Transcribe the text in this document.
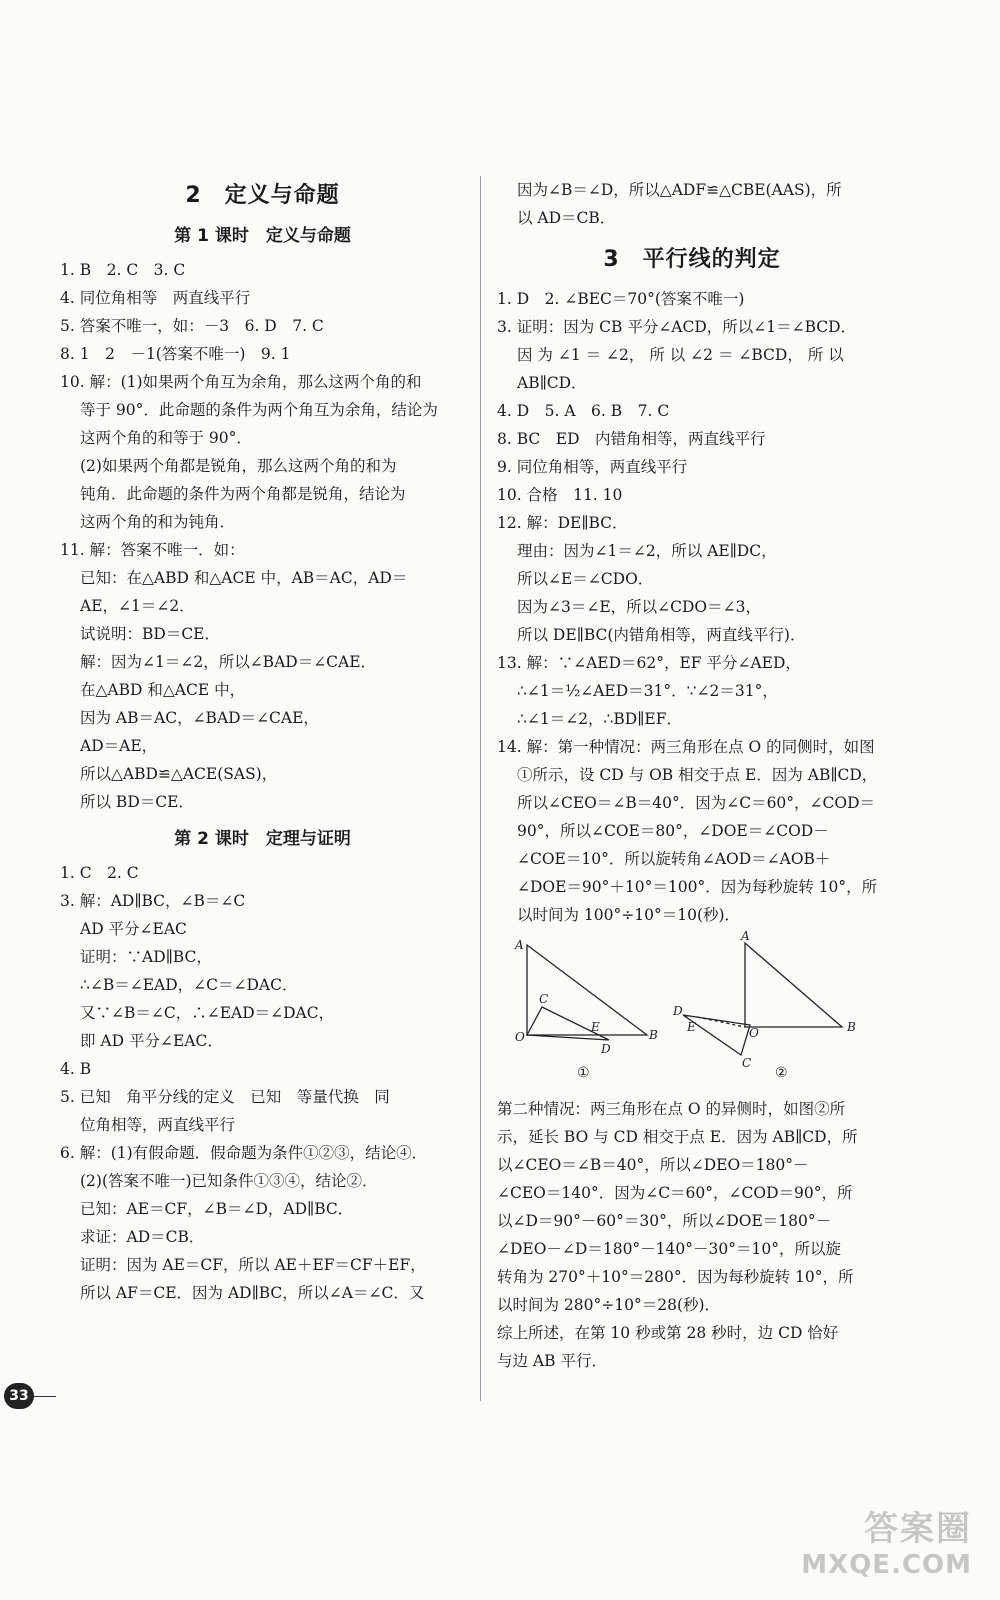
2　定义与命题
第 1 课时　定义与命题
1. B　2. C　3. C
4. 同位角相等　两直线平行
5. 答案不唯一，如：－3　6. D　7. C
8. 1　2　－1(答案不唯一)　9. 1
10. 解：(1)如果两个角互为余角，那么这两个角的和
等于 90°．此命题的条件为两个角互为余角，结论为
这两个角的和等于 90°．
(2)如果两个角都是锐角，那么这两个角的和为
钝角．此命题的条件为两个角都是锐角，结论为
这两个角的和为钝角．
11. 解：答案不唯一．如：
已知：在△ABD 和△ACE 中，AB＝AC，AD＝
AE，∠1＝∠2．
试说明：BD＝CE．
解：因为∠1＝∠2，所以∠BAD＝∠CAE．
在△ABD 和△ACE 中，
因为 AB＝AC，∠BAD＝∠CAE，
AD＝AE，
所以△ABD≌△ACE(SAS)，
所以 BD＝CE．
第 2 课时　定理与证明
1. C　2. C
3. 解：AD∥BC，∠B＝∠C
AD 平分∠EAC
证明：∵AD∥BC，
∴∠B＝∠EAD，∠C＝∠DAC．
又∵∠B＝∠C，∴∠EAD＝∠DAC，
即 AD 平分∠EAC．
4. B
5. 已知　角平分线的定义　已知　等量代换　同
位角相等，两直线平行
6. 解：(1)有假命题．假命题为条件①②③，结论④．
(2)(答案不唯一)已知条件①③④，结论②．
已知：AE＝CF，∠B＝∠D，AD∥BC．
求证：AD＝CB．
证明：因为 AE＝CF，所以 AE＋EF＝CF＋EF，
所以 AF＝CE．因为 AD∥BC，所以∠A＝∠C．又
因为∠B＝∠D，所以△ADF≌△CBE(AAS)，所
以 AD＝CB．
3　平行线的判定
1. D　2. ∠BEC＝70°(答案不唯一)
3. 证明：因为 CB 平分∠ACD，所以∠1＝∠BCD．
因 为 ∠1 ＝ ∠2， 所 以 ∠2 ＝ ∠BCD， 所 以
AB∥CD．
4. D　5. A　6. B　7. C
8. BC　ED　内错角相等，两直线平行
9. 同位角相等，两直线平行
10. 合格　11. 10
12. 解：DE∥BC．
理由：因为∠1＝∠2，所以 AE∥DC，
所以∠E＝∠CDO．
因为∠3＝∠E，所以∠CDO＝∠3，
所以 DE∥BC(内错角相等，两直线平行)．
13. 解：∵∠AED＝62°，EF 平分∠AED，
∴∠1＝½∠AED＝31°．∵∠2＝31°，
∴∠1＝∠2，∴BD∥EF．
14. 解：第一种情况：两三角形在点 O 的同侧时，如图
①所示，设 CD 与 OB 相交于点 E．因为 AB∥CD，
所以∠CEO＝∠B＝40°．因为∠C＝60°，∠COD＝
90°，所以∠COE＝80°，∠DOE＝∠COD－
∠COE＝10°．所以旋转角∠AOD＝∠AOB＋
∠DOE＝90°＋10°＝100°．因为每秒旋转 10°，所
以时间为 100°÷10°＝10(秒)．
A
C
E
O
D
B
①
A
D
E	O
C
B
②
第二种情况：两三角形在点 O 的异侧时，如图②所
示，延长 BO 与 CD 相交于点 E．因为 AB∥CD，所
以∠CEO＝∠B＝40°，所以∠DEO＝180°－
∠CEO＝140°．因为∠C＝60°，∠COD＝90°，所
以∠D＝90°－60°＝30°，所以∠DOE＝180°－
∠DEO－∠D＝180°－140°－30°＝10°，所以旋
转角为 270°＋10°＝280°．因为每秒旋转 10°，所
以时间为 280°÷10°＝28(秒)．
综上所述，在第 10 秒或第 28 秒时，边 CD 恰好
与边 AB 平行．
33
答案圈
MXQE.COM
